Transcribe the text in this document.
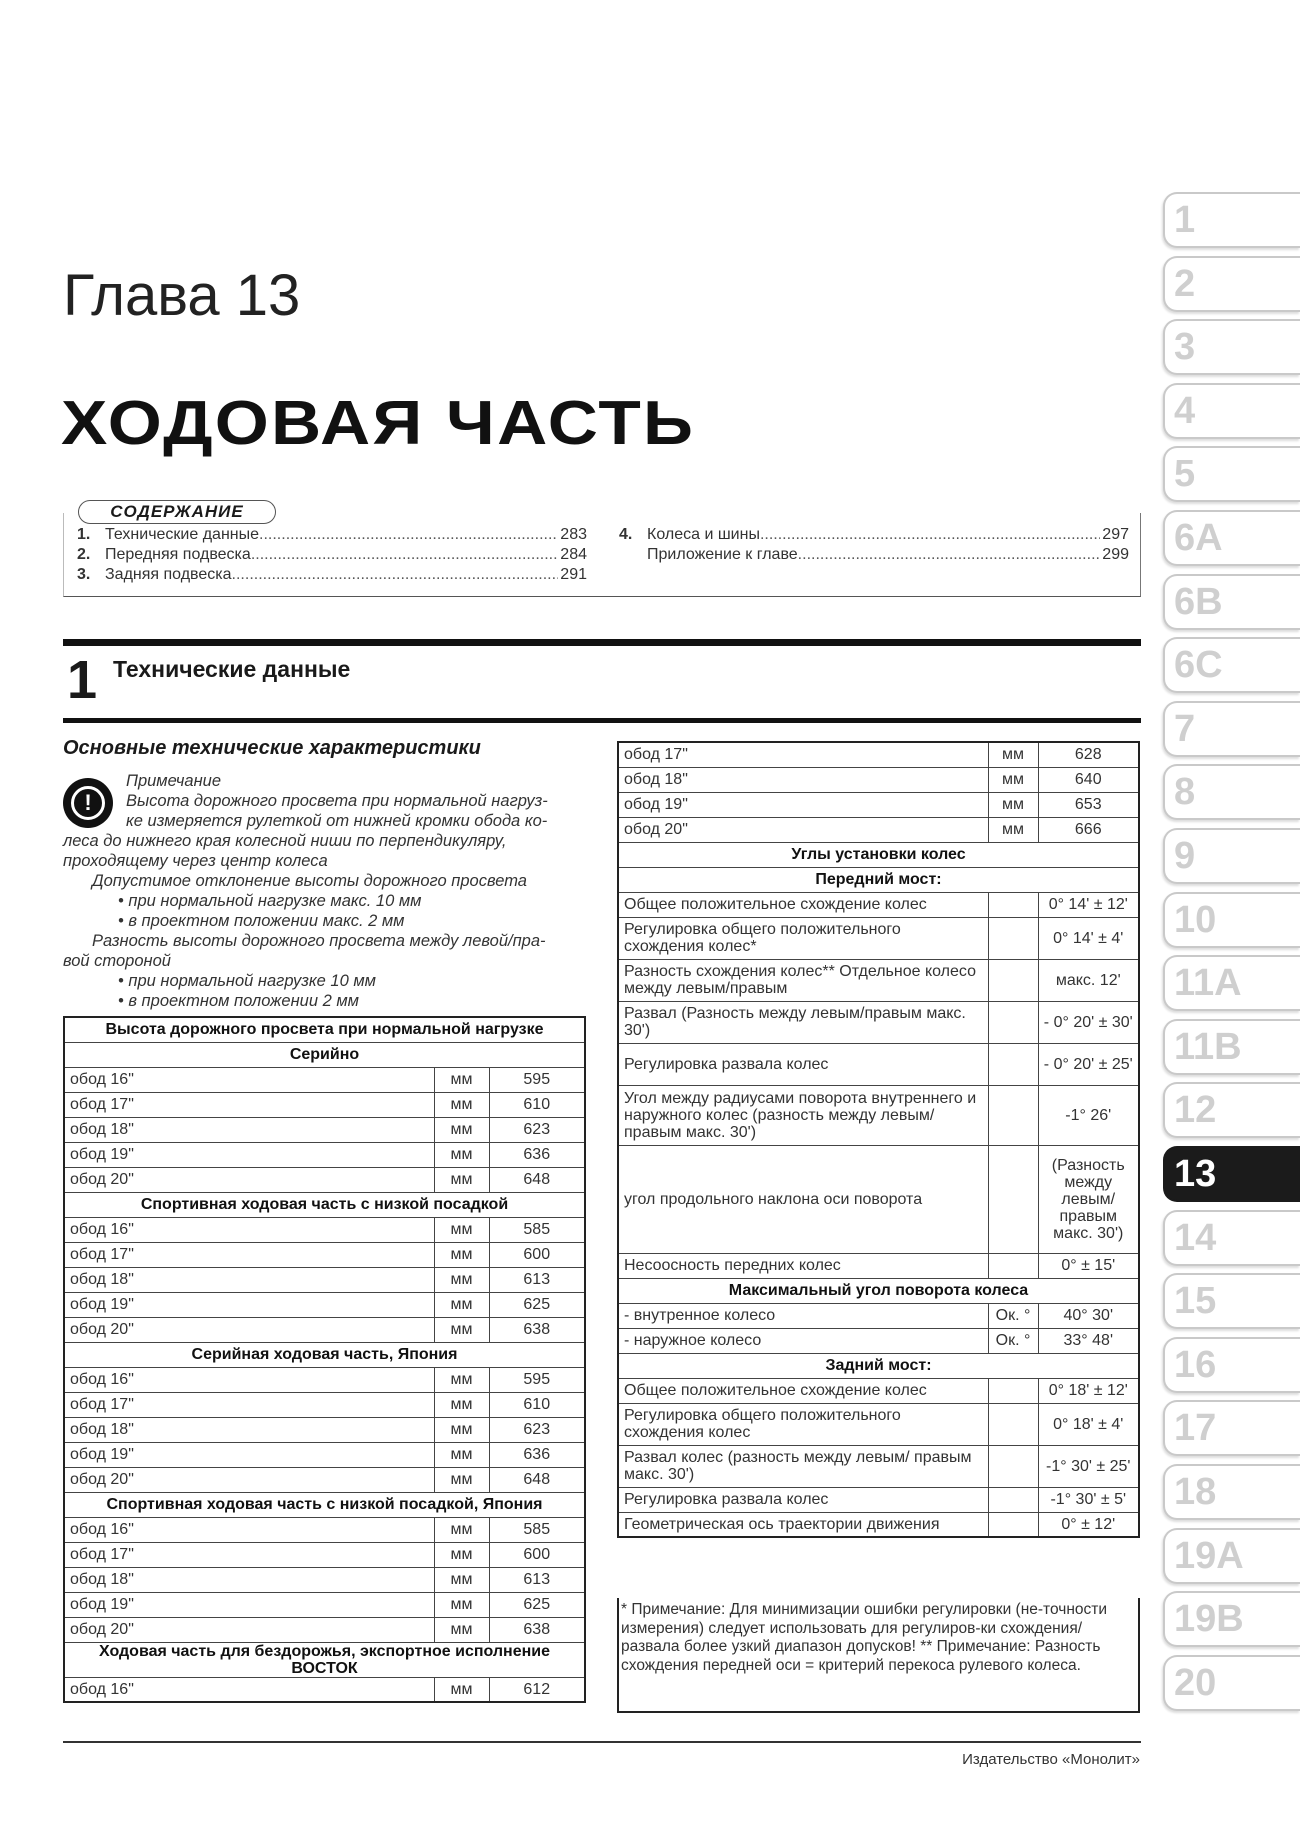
Глава 13
ХОДОВАЯ ЧАСТЬ
СОДЕРЖАНИЕ
1. Технические данные .....	283
2. Передняя подвеска .....	284
3. Задняя подвеска .....	291
4. Колеса и шины .....	297
Приложение к главе .....	299
1 Технические данные
Основные технические характеристики
!
Примечание
Высота дорожного просвета при нормальной нагруз-
ке измеряется рулеткой от нижней кромки обода ко-
леса до нижнего края колесной ниши по перпендикуляру,
проходящему через центр колеса
Допустимое отклонение высоты дорожного просвета
• при нормальной нагрузке макс. 10 мм
• в проектном положении макс. 2 мм
Разность высоты дорожного просвета между левой/пра-
вой стороной
• при нормальной нагрузке 10 мм
• в проектном положении 2 мм
Высота дорожного просвета при нормальной нагрузке		
Серийно		
обод 16"	мм	595
обод 17"	мм	610
обод 18"	мм	623
обод 19"	мм	636
обод 20"	мм	648
Спортивная ходовая часть с низкой посадкой		
обод 16"	мм	585
обод 17"	мм	600
обод 18"	мм	613
обод 19"	мм	625
обод 20"	мм	638
Серийная ходовая часть, Япония		
обод 16"	мм	595
обод 17"	мм	610
обод 18"	мм	623
обод 19"	мм	636
обод 20"	мм	648
Спортивная ходовая часть с низкой посадкой, Япония		
обод 16"	мм	585
обод 17"	мм	600
обод 18"	мм	613
обод 19"	мм	625
обод 20"	мм	638
Ходовая часть для бездорожья, экспортное исполнение ВОСТОК		
обод 16"	мм	612
обод 17"	мм	628
обод 18"	мм	640
обод 19"	мм	653
обод 20"	мм	666
Углы установки колес		
Передний мост:		
Общее положительное схождение колес		0° 14' ± 12'
Регулировка общего положительного схождения колес*		0° 14' ± 4'
Разность схождения колес** Отдельное колесо между левым/правым		макс. 12'
Развал (Разность между левым/правым макс. 30')		- 0° 20' ± 30'
Регулировка развала колес		- 0° 20' ± 25'
Угол между радиусами поворота внутреннего и наружного колес (разность между левым/правым макс. 30')		-1° 26'
угол продольного наклона оси поворота		(Разность между левым/ правым макс. 30')
Несоосность передних колес		0° ± 15'
Максимальный угол поворота колеса		
- внутренное колесо	Ок. °	40° 30'
- наружное колесо	Ок. °	33° 48'
Задний мост:		
Общее положительное схождение колес		0° 18' ± 12'
Регулировка общего положительного схождения колес		0° 18' ± 4'
Развал колес (разность между левым/ правым макс. 30')		-1° 30' ± 25'
Регулировка развала колес		-1° 30' ± 5'
Геометрическая ось траектории движения		0° ± 12'
* Примечание: Для минимизации ошибки регулировки (не-точности измерения) следует использовать для регулиров-ки схождения/развала более узкий диапазон допусков! ** Примечание: Разность схождения передней оси = критерий перекоса рулевого колеса.
Издательство «Монолит»
1
2
3
4
5
6A
6B
6C
7
8
9
10
11A
11B
12
13
14
15
16
17
18
19A
19B
20
